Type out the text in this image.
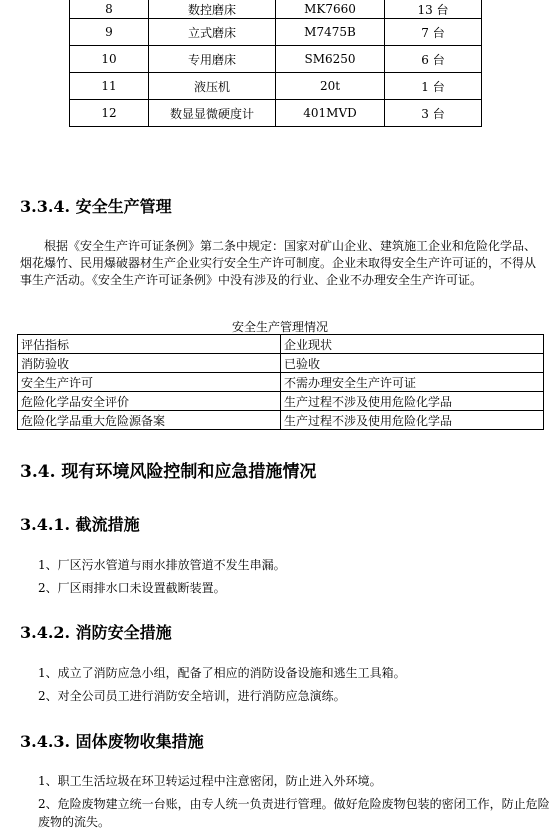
8	数控磨床	MK7660	13 台
9	立式磨床	M7475B	7 台
10	专用磨床	SM6250	6 台
11	液压机	20t	1 台
12	数显显微硬度计	401MVD	3 台
3.3.4. 安全生产管理

根据《安全生产许可证条例》第二条中规定：国家对矿山企业、建筑施工企业和危险化学品、烟花爆竹、民用爆破器材生产企业实行安全生产许可制度。企业未取得安全生产许可证的，不得从事生产活动。《安全生产许可证条例》中没有涉及的行业、企业不办理安全生产许可证。

安全生产管理情况

评估指标	企业现状
消防验收	已验收
安全生产许可	不需办理安全生产许可证
危险化学品安全评价	生产过程不涉及使用危险化学品
危险化学品重大危险源备案	生产过程不涉及使用危险化学品
3.4. 现有环境风险控制和应急措施情况
3.4.1. 截流措施
1、厂区污水管道与雨水排放管道不发生串漏。
2、厂区雨排水口未设置截断装置。
3.4.2. 消防安全措施
1、成立了消防应急小组，配备了相应的消防设备设施和逃生工具箱。
2、对全公司员工进行消防安全培训，进行消防应急演练。
3.4.3. 固体废物收集措施
1、职工生活垃圾在环卫转运过程中注意密闭，防止进入外环境。
2、危险废物建立统一台账，由专人统一负责进行管理。做好危险废物包装的密闭工作，防止危险废物的流失。
